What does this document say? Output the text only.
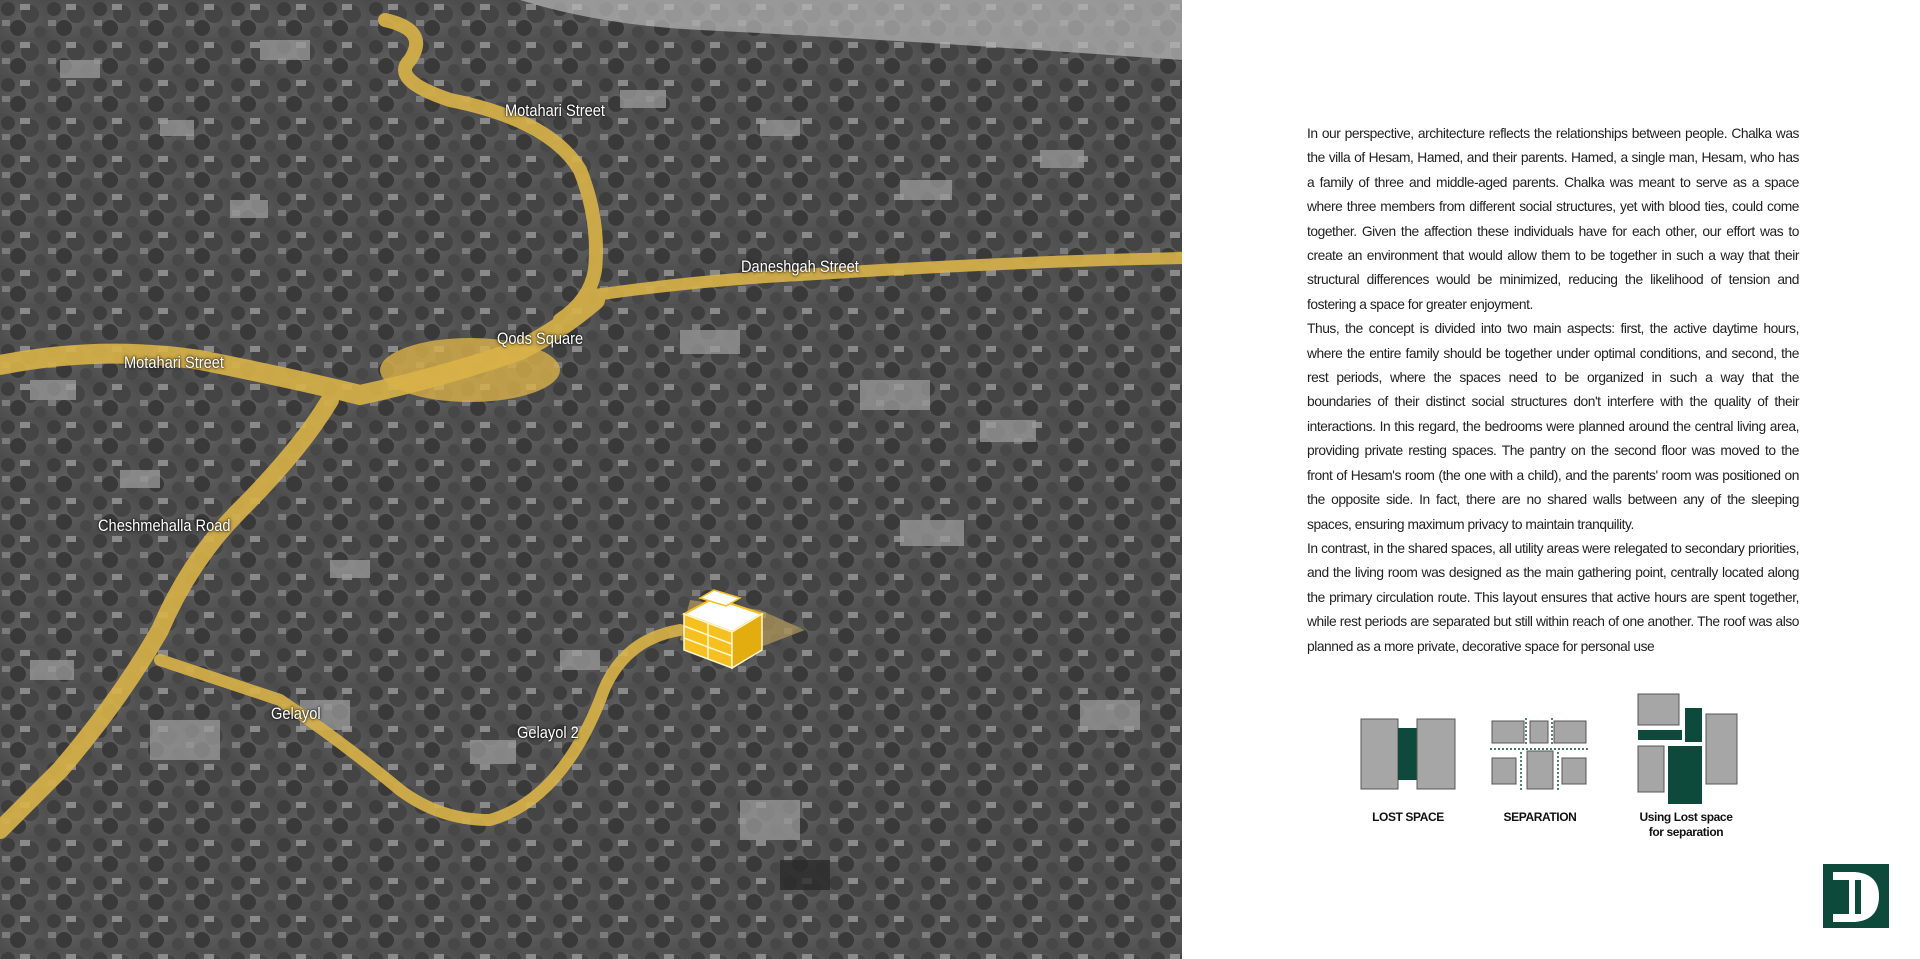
Motahari Street
Daneshgah Street
Qods Square
Motahari Street
Cheshmehalla Road
Gelayol
Gelayol 2

In our perspective, architecture reflects the relationships between people. Chalka was the villa of Hesam, Hamed, and their parents. Hamed, a single man, Hesam, who has a family of three and middle-aged parents. Chalka was meant to serve as a space where three members from different social structures, yet with blood ties, could come together. Given the affection these individuals have for each other, our effort was to create an environment that would allow them to be together in such a way that their structural differences would be minimized, reducing the likelihood of tension and fostering a space for greater enjoyment.

Thus, the concept is divided into two main aspects: first, the active daytime hours, where the entire family should be together under optimal conditions, and second, the rest periods, where the spaces need to be organized in such a way that the boundaries of their distinct social structures don't interfere with the quality of their interactions. In this regard, the bedrooms were planned around the central living area, providing private resting spaces. The pantry on the second floor was moved to the front of Hesam's room (the one with a child), and the parents' room was positioned on the opposite side. In fact, there are no shared walls between any of the sleeping spaces, ensuring maximum privacy to maintain tranquility.

In contrast, in the shared spaces, all utility areas were relegated to secondary priorities, and the living room was designed as the main gathering point, centrally located along the primary circulation route. This layout ensures that active hours are spent together, while rest periods are separated but still within reach of one another. The roof was also planned as a more private, decorative space for personal use

LOST SPACE	SEPARATION	Using Lost space
for separation
